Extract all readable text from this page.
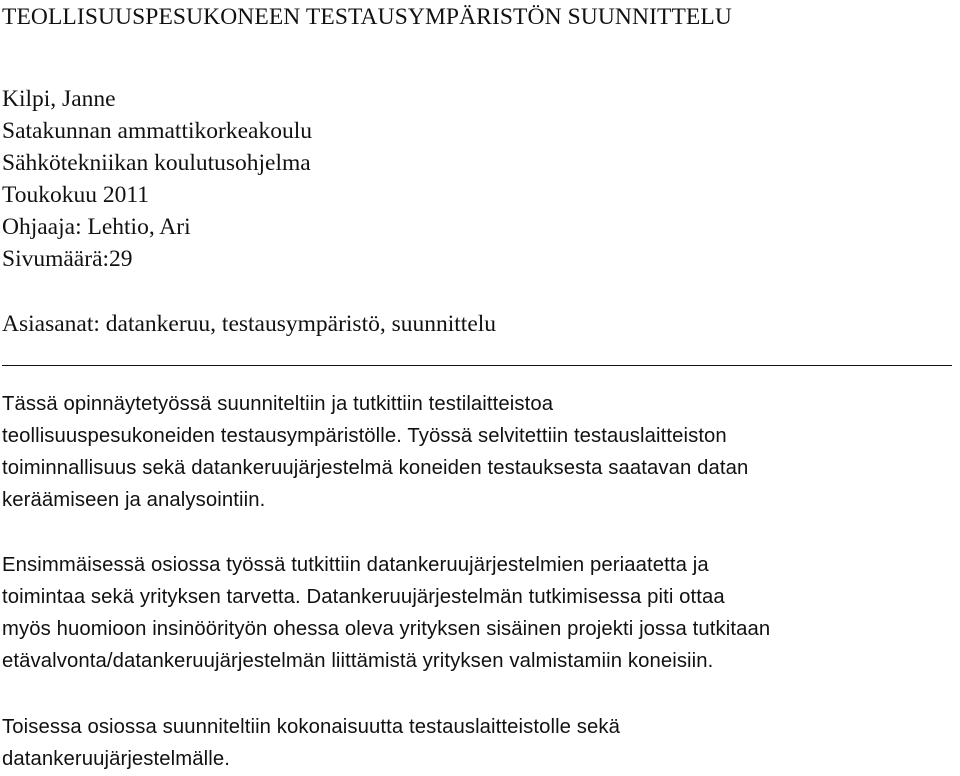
TEOLLISUUSPESUKONEEN TESTAUSYMPÄRISTÖN SUUNNITTELU
Kilpi, Janne
Satakunnan ammattikorkeakoulu
Sähkötekniikan koulutusohjelma
Toukokuu 2011
Ohjaaja: Lehtio, Ari
Sivumäärä:29
Asiasanat: datankeruu, testausympäristö, suunnittelu
Tässä opinnäytetyössä suunniteltiin ja tutkittiin testilaitteistoa
teollisuuspesukoneiden testausympäristölle. Työssä selvitettiin testauslaitteiston
toiminnallisuus sekä datankeruujärjestelmä koneiden testauksesta saatavan datan
keräämiseen ja analysointiin.
Ensimmäisessä osiossa työssä tutkittiin datankeruujärjestelmien periaatetta ja
toimintaa sekä yrityksen tarvetta. Datankeruujärjestelmän tutkimisessa piti ottaa
myös huomioon insinöörityön ohessa oleva yrityksen sisäinen projekti jossa tutkitaan
etävalvonta/datankeruujärjestelmän liittämistä yrityksen valmistamiin koneisiin.
Toisessa osiossa suunniteltiin kokonaisuutta testauslaitteistolle sekä
datankeruujärjestelmälle.
